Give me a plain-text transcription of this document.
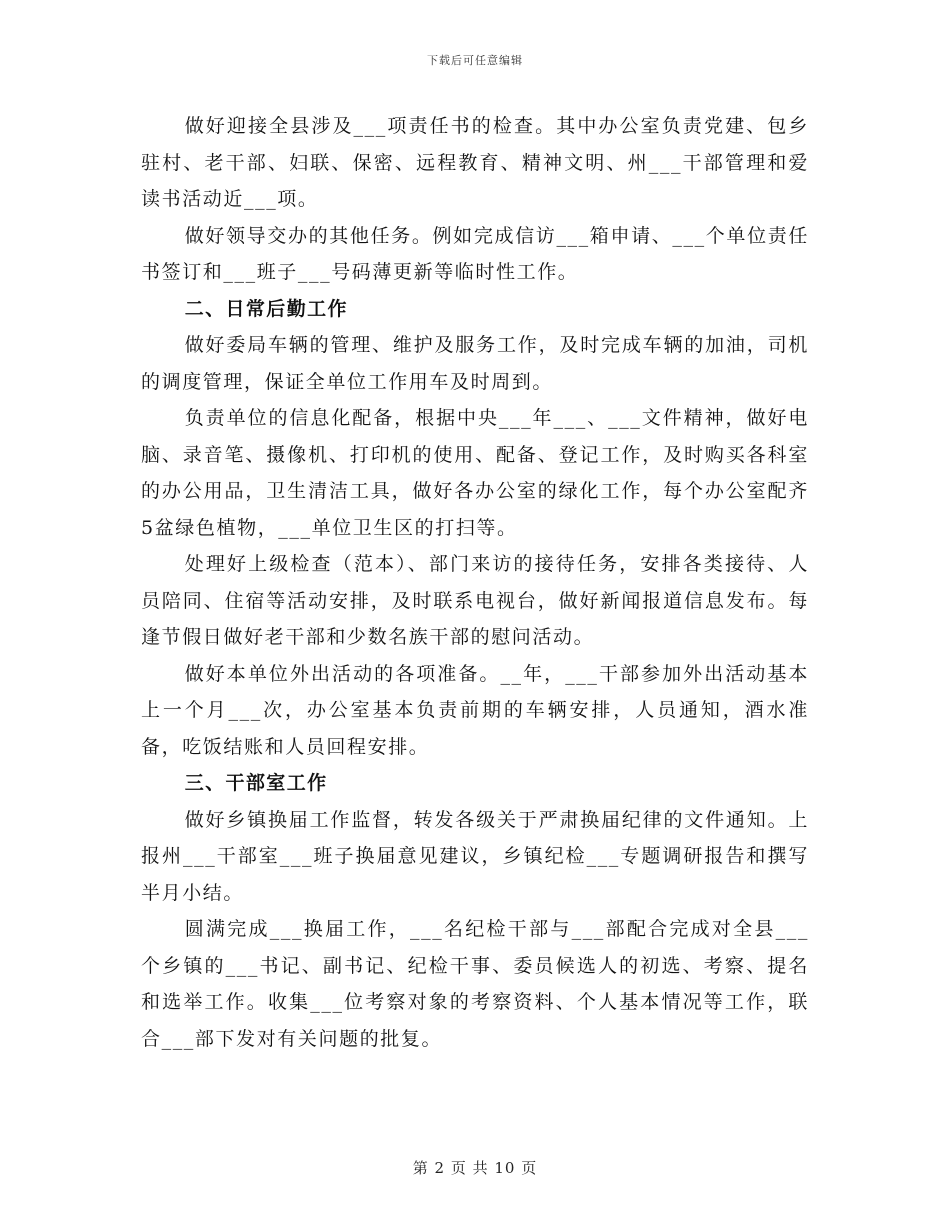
下载后可任意编辑

做好迎接全县涉及___项责任书的检查。其中办公室负责党建、包乡驻村、老干部、妇联、保密、远程教育、精神文明、州___干部管理和爱读书活动近___项。

做好领导交办的其他任务。例如完成信访___箱申请、___个单位责任书签订和___班子___号码薄更新等临时性工作。

二、日常后勤工作

做好委局车辆的管理、维护及服务工作，及时完成车辆的加油，司机的调度管理，保证全单位工作用车及时周到。

负责单位的信息化配备，根据中央___年___、___文件精神，做好电脑、录音笔、摄像机、打印机的使用、配备、登记工作，及时购买各科室的办公用品，卫生清洁工具，做好各办公室的绿化工作，每个办公室配齐5盆绿色植物，___单位卫生区的打扫等。

处理好上级检查（范本）、部门来访的接待任务，安排各类接待、人员陪同、住宿等活动安排，及时联系电视台，做好新闻报道信息发布。每逢节假日做好老干部和少数名族干部的慰问活动。

做好本单位外出活动的各项准备。__年，___干部参加外出活动基本上一个月___次，办公室基本负责前期的车辆安排，人员通知，酒水准备，吃饭结账和人员回程安排。

三、干部室工作

做好乡镇换届工作监督，转发各级关于严肃换届纪律的文件通知。上报州___干部室___班子换届意见建议，乡镇纪检___专题调研报告和撰写半月小结。

圆满完成___换届工作，___名纪检干部与___部配合完成对全县___个乡镇的___书记、副书记、纪检干事、委员候选人的初选、考察、提名和选举工作。收集___位考察对象的考察资料、个人基本情况等工作，联合___部下发对有关问题的批复。

第 2 页 共 10 页
